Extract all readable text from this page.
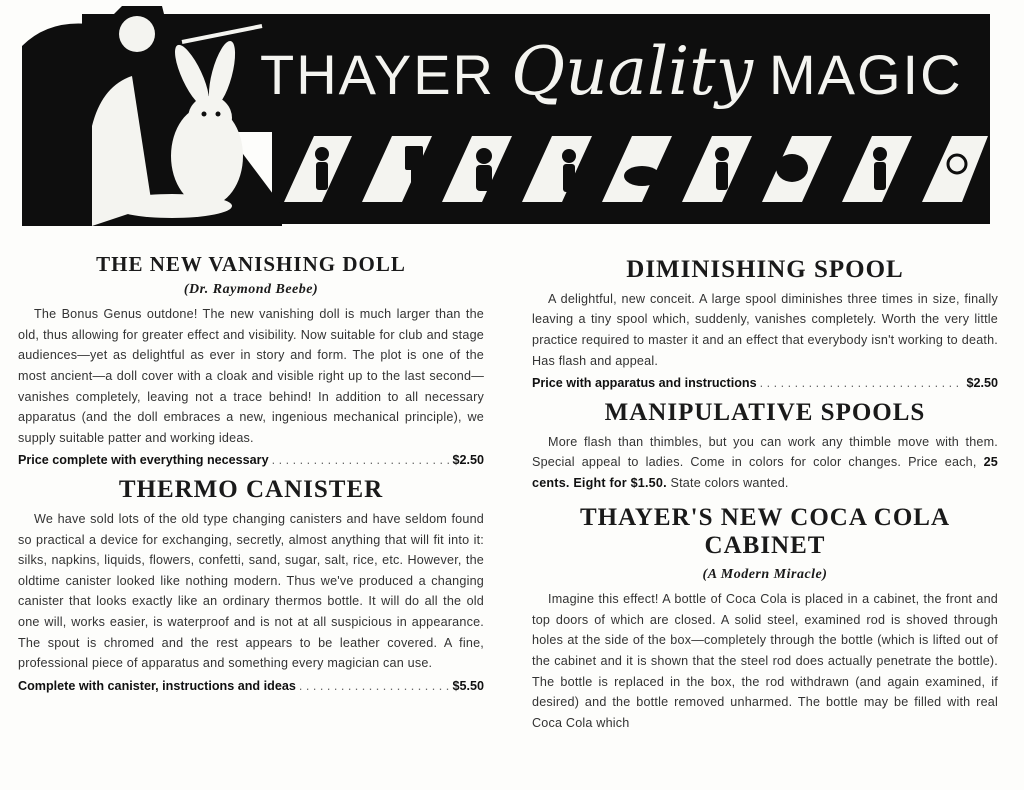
THAYER Quality MAGIC
THE NEW VANISHING DOLL
(Dr. Raymond Beebe)

The Bonus Genus outdone! The new vanishing doll is much larger than the old, thus allowing for greater effect and visibility. Now suitable for club and stage audiences—yet as delightful as ever in story and form. The plot is one of the most ancient—a doll cover with a cloak and visible right up to the last second—vanishes completely, leaving not a trace behind! In addition to all necessary apparatus (and the doll embraces a new, ingenious mechanical principle), we supply suitable patter and working ideas.

Price complete with everything necessary . . .	$2.50
THERMO CANISTER

We have sold lots of the old type changing canisters and have seldom found so practical a device for exchanging, secretly, almost anything that will fit into it: silks, napkins, liquids, flowers, confetti, sand, sugar, salt, rice, etc. However, the oldtime canister looked like nothing modern. Thus we've produced a changing canister that looks exactly like an ordinary thermos bottle. It will do all the old one will, works easier, is waterproof and is not at all suspicious in appearance. The spout is chromed and the rest appears to be leather covered. A fine, professional piece of apparatus and something every magician can use.

Complete with canister, instructions and ideas . . .	$5.50
DIMINISHING SPOOL

A delightful, new conceit. A large spool diminishes three times in size, finally leaving a tiny spool which, suddenly, vanishes completely. Worth the very little practice required to master it and an effect that everybody isn't working to death. Has flash and appeal.

Price with apparatus and instructions . . .	$2.50
MANIPULATIVE SPOOLS

More flash than thimbles, but you can work any thimble move with them. Special appeal to ladies. Come in colors for color changes. Price each, 25 cents. Eight for $1.50. State colors wanted.

THAYER'S NEW COCA COLA
CABINET
(A Modern Miracle)

Imagine this effect! A bottle of Coca Cola is placed in a cabinet, the front and top doors of which are closed. A solid steel, examined rod is shoved through holes at the side of the box—completely through the bottle (which is lifted out of the cabinet and it is shown that the steel rod does actually penetrate the bottle). The bottle is replaced in the box, the rod withdrawn (and again examined, if desired) and the bottle removed unharmed. The bottle may be filled with real Coca Cola which
